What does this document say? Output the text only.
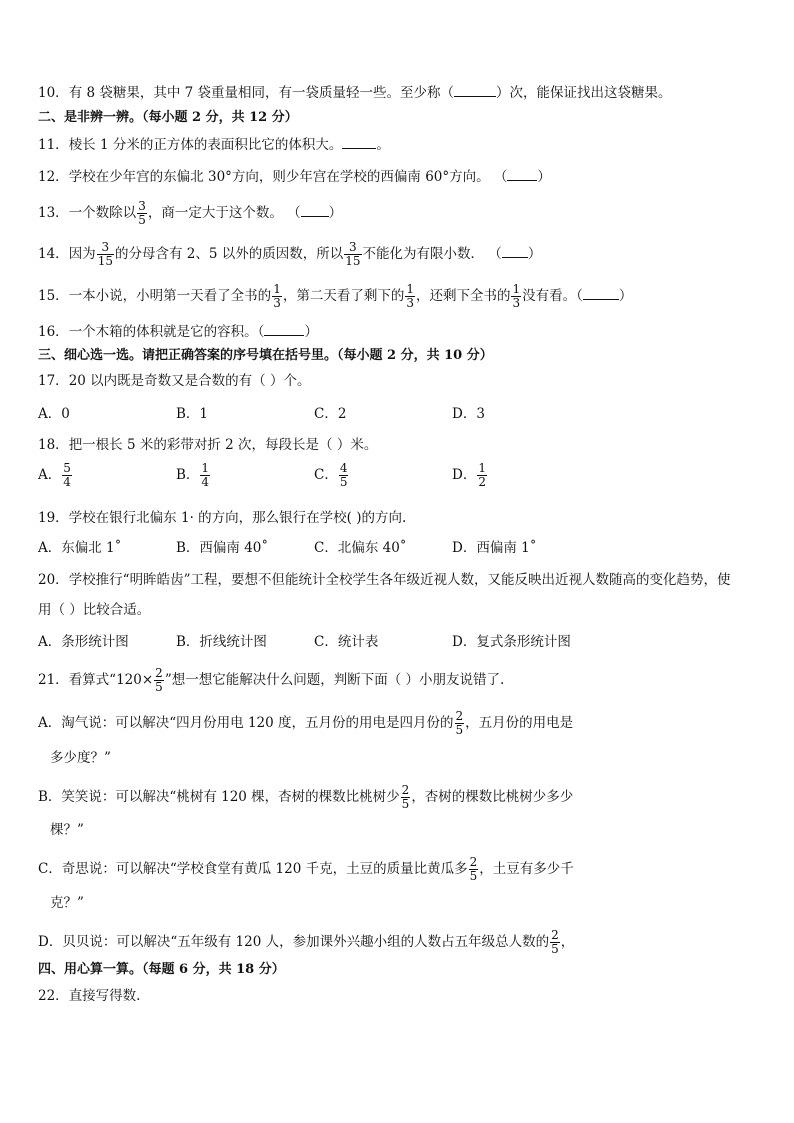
10．有 8 袋糖果，其中 7 袋重量相同，有一袋质量轻一些。至少称（	）次，能保证找出这袋糖果。
二、是非辨一辨。（每小题 2 分，共 12 分）
11．棱长 1 分米的正方体的表面积比它的体积大。	。
12．学校在少年宫的东偏北 30°方向，则少年宫在学校的西偏南 60°方向。 （ ）
13．一个数除以 $\frac{3}{5}$ ，商一定大于这个数。 （ ）
14．因为 $\frac{3}{15}$ 的分母含有 2、5 以外的质因数，所以 $\frac{3}{15}$ 不能化为有限小数． （ ）
15．一本小说，小明第一天看了全书的 $\frac{1}{3}$ ，第二天看了剩下的 $\frac{1}{3}$ ，还剩下全书的 $\frac{1}{3}$ 没有看。（	）
16．一个木箱的体积就是它的容积。（	）
三、细心选一选。请把正确答案的序号填在括号里。（每小题 2 分，共 10 分）
17．20 以内既是奇数又是合数的有（ ）个。
A．0	B．1	C．2	D．3
18．把一根长 5 米的彩带对折 2 次，每段长是（ ）米。
A． $\frac{5}{4}$	B． $\frac{1}{4}$	C． $\frac{4}{5}$	D． $\frac{1}{2}$
19．学校在银行北偏东 1· 的方向，那么银行在学校( )的方向.
A．东偏北 1˚	B．西偏南 40˚	C．北偏东 40˚	D．西偏南 1˚
20．学校推行“明眸皓齿”工程，要想不但能统计全校学生各年级近视人数，又能反映出近视人数随高的变化趋势，使
用（ ）比较合适。
A．条形统计图	B．折线统计图	C．统计表	D．复式条形统计图
21．看算式“$120\times \frac{2}{5}$ ”想一想它能解决什么问题，判断下面（ ）小朋友说错了.
A．淘气说：可以解决“四月份用电 120 度，五月份的用电是四月份的 $\frac{2}{5}$ ，五月份的用电是
多少度？”
B．笑笑说：可以解决“桃树有 120 棵，杏树的棵数比桃树少 $\frac{2}{5}$ ，杏树的棵数比桃树少多少
棵？”
C．奇思说：可以解决“学校食堂有黄瓜 120 千克，土豆的质量比黄瓜多 $\frac{2}{5}$ ，土豆有多少千
克？”
D．贝贝说：可以解决“五年级有 120 人，参加课外兴趣小组的人数占五年级总人数的 $\frac{2}{5}$ ，
四、用心算一算。（每题 6 分，共 18 分）
22．直接写得数.
